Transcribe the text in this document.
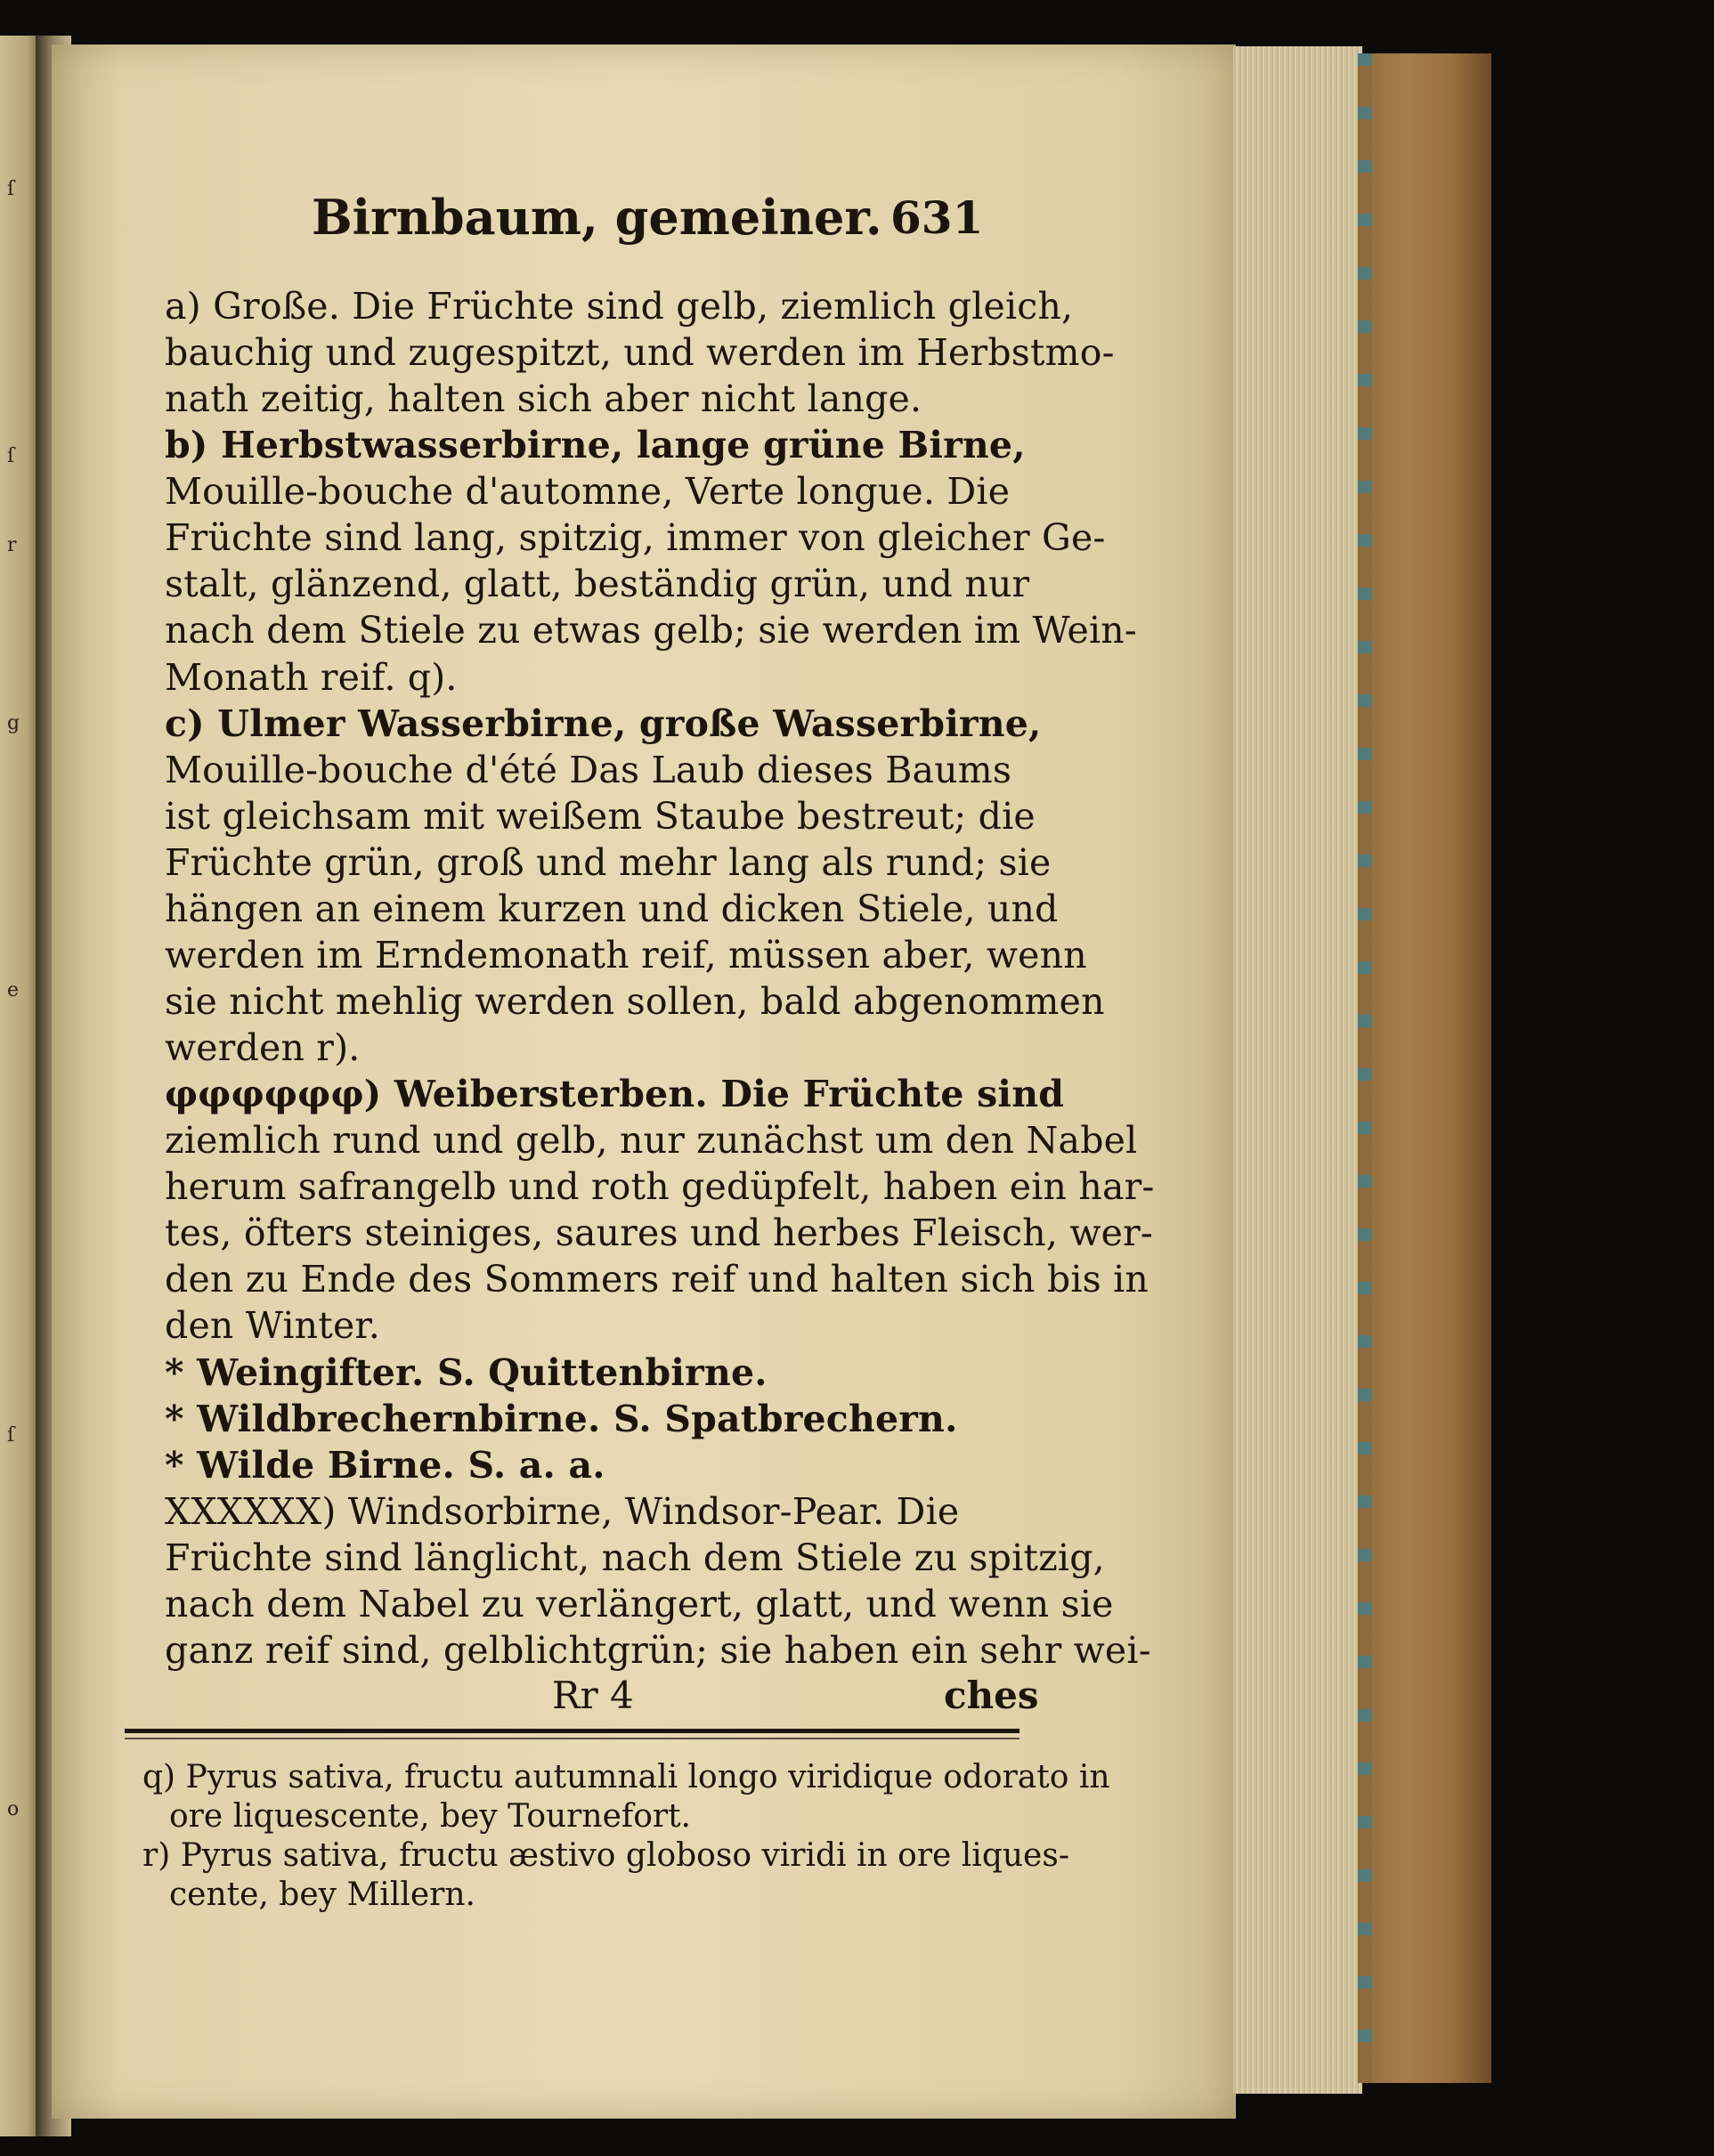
ſ
ſ
r
g
e
ſ
o
Birnbaum, gemeiner. 631
Rr 4	ches
q) Pyrus sativa, fructu autumnali longo viridique odorato in
ore liquescente, bey Tournefort.
r) Pyrus sativa, fructu æstivo globoso viridi in ore liques-
cente, bey Millern.
a) Große. Die Früchte sind gelb, ziemlich gleich,
bauchig und zugespitzt, und werden im Herbstmo-
nath zeitig, halten sich aber nicht lange.
b) Herbstwasserbirne, lange grüne Birne,
Mouille-bouche d'automne, Verte longue. Die
Früchte sind lang, spitzig, immer von gleicher Ge-
stalt, glänzend, glatt, beständig grün, und nur
nach dem Stiele zu etwas gelb; sie werden im Wein-
Monath reif. q).
c) Ulmer Wasserbirne, große Wasserbirne,
Mouille-bouche d'été Das Laub dieses Baums
ist gleichsam mit weißem Staube bestreut; die
Früchte grün, groß und mehr lang als rund; sie
hängen an einem kurzen und dicken Stiele, und
werden im Erndemonath reif, müssen aber, wenn
sie nicht mehlig werden sollen, bald abgenommen
werden r).
φφφφφφ) Weibersterben. Die Früchte sind
ziemlich rund und gelb, nur zunächst um den Nabel
herum safrangelb und roth gedüpfelt, haben ein har-
tes, öfters steiniges, saures und herbes Fleisch, wer-
den zu Ende des Sommers reif und halten sich bis in
den Winter.
* Weingifter. S. Quittenbirne.
* Wildbrechernbirne. S. Spatbrechern.
* Wilde Birne. S. a. a.
XXXXXX) Windsorbirne, Windsor-Pear. Die
Früchte sind länglicht, nach dem Stiele zu spitzig,
nach dem Nabel zu verlängert, glatt, und wenn sie
ganz reif sind, gelblichtgrün; sie haben ein sehr wei-
